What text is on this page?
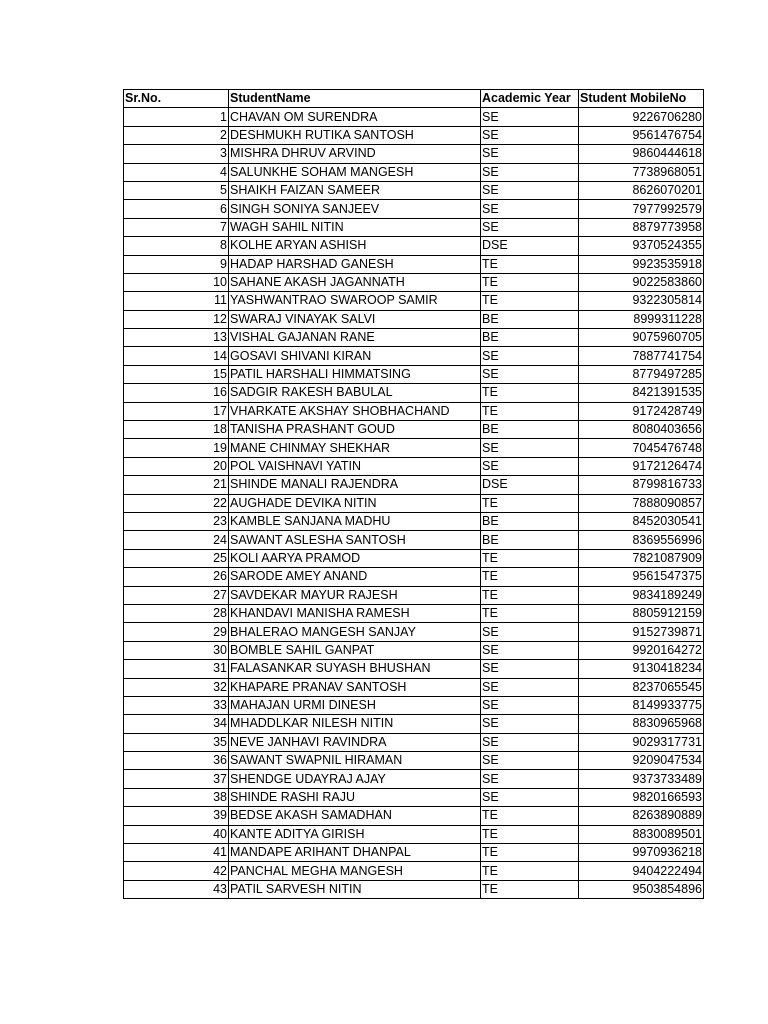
Sr.No.	StudentName	Academic Year	Student MobileNo
1	CHAVAN OM SURENDRA	SE	9226706280
2	DESHMUKH RUTIKA SANTOSH	SE	9561476754
3	MISHRA DHRUV ARVIND	SE	9860444618
4	SALUNKHE SOHAM MANGESH	SE	7738968051
5	SHAIKH FAIZAN SAMEER	SE	8626070201
6	SINGH SONIYA SANJEEV	SE	7977992579
7	WAGH SAHIL NITIN	SE	8879773958
8	KOLHE ARYAN ASHISH	DSE	9370524355
9	HADAP HARSHAD GANESH	TE	9923535918
10	SAHANE AKASH JAGANNATH	TE	9022583860
11	YASHWANTRAO SWAROOP SAMIR	TE	9322305814
12	SWARAJ VINAYAK SALVI	BE	8999311228
13	VISHAL GAJANAN RANE	BE	9075960705
14	GOSAVI SHIVANI KIRAN	SE	7887741754
15	PATIL HARSHALI HIMMATSING	SE	8779497285
16	SADGIR RAKESH BABULAL	TE	8421391535
17	VHARKATE AKSHAY SHOBHACHAND	TE	9172428749
18	TANISHA PRASHANT GOUD	BE	8080403656
19	MANE CHINMAY SHEKHAR	SE	7045476748
20	POL VAISHNAVI YATIN	SE	9172126474
21	SHINDE MANALI RAJENDRA	DSE	8799816733
22	AUGHADE DEVIKA NITIN	TE	7888090857
23	KAMBLE SANJANA MADHU	BE	8452030541
24	SAWANT ASLESHA SANTOSH	BE	8369556996
25	KOLI AARYA PRAMOD	TE	7821087909
26	SARODE AMEY ANAND	TE	9561547375
27	SAVDEKAR MAYUR RAJESH	TE	9834189249
28	KHANDAVI MANISHA RAMESH	TE	8805912159
29	BHALERAO MANGESH SANJAY	SE	9152739871
30	BOMBLE SAHIL GANPAT	SE	9920164272
31	FALASANKAR SUYASH BHUSHAN	SE	9130418234
32	KHAPARE PRANAV SANTOSH	SE	8237065545
33	MAHAJAN URMI DINESH	SE	8149933775
34	MHADDLKAR NILESH NITIN	SE	8830965968
35	NEVE JANHAVI RAVINDRA	SE	9029317731
36	SAWANT SWAPNIL HIRAMAN	SE	9209047534
37	SHENDGE UDAYRAJ AJAY	SE	9373733489
38	SHINDE RASHI RAJU	SE	9820166593
39	BEDSE AKASH SAMADHAN	TE	8263890889
40	KANTE ADITYA GIRISH	TE	8830089501
41	MANDAPE ARIHANT DHANPAL	TE	9970936218
42	PANCHAL MEGHA MANGESH	TE	9404222494
43	PATIL SARVESH NITIN	TE	9503854896
